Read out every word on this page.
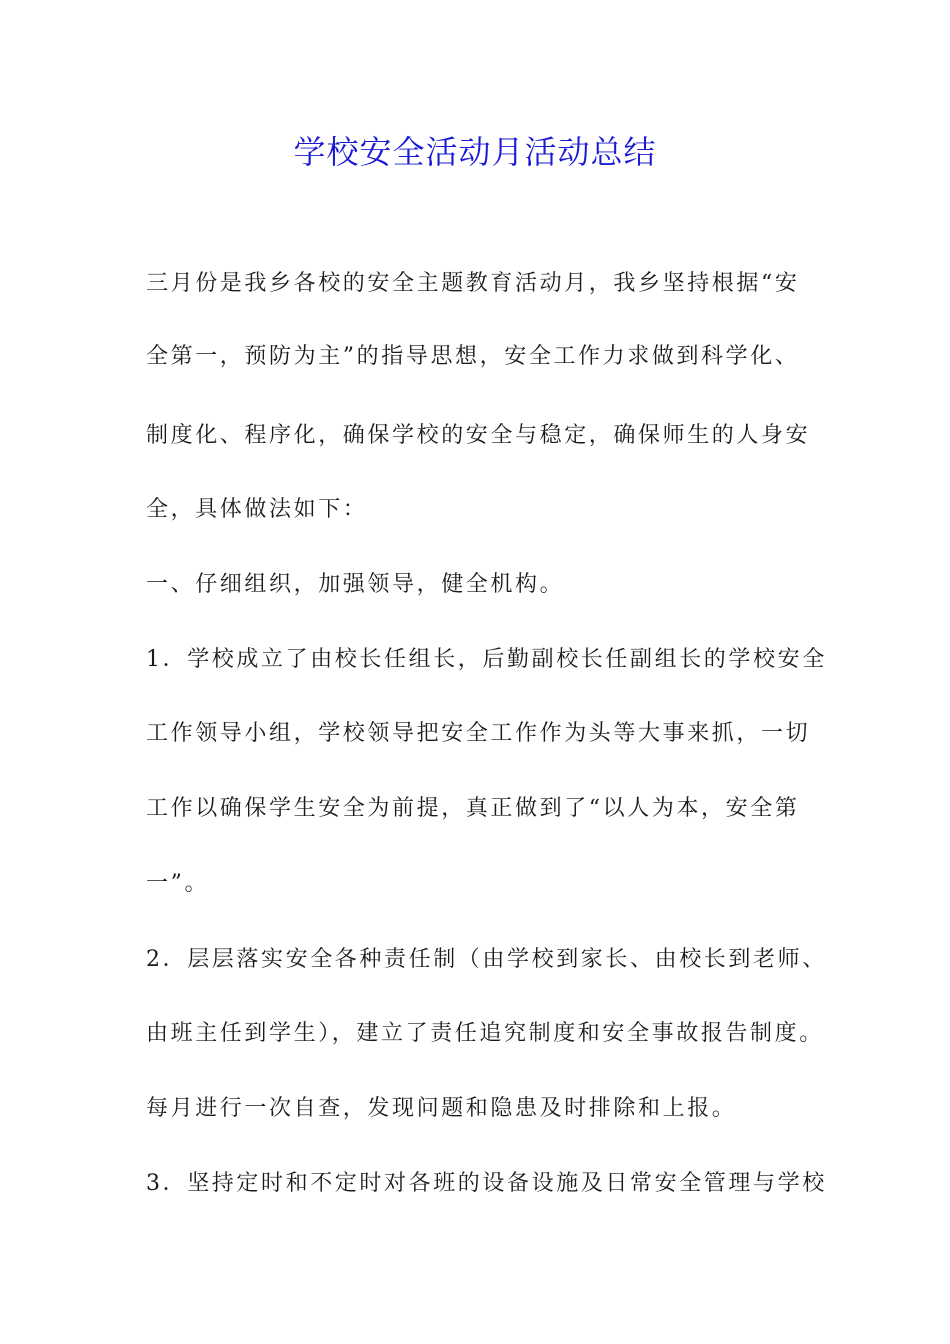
学校安全活动月活动总结
三月份是我乡各校的安全主题教育活动月，我乡坚持根据“安
全第一，预防为主”的指导思想，安全工作力求做到科学化、
制度化、程序化，确保学校的安全与稳定，确保师生的人身安
全，具体做法如下：
一、仔细组织，加强领导，健全机构。
1．学校成立了由校长任组长，后勤副校长任副组长的学校安全
工作领导小组，学校领导把安全工作作为头等大事来抓，一切
工作以确保学生安全为前提，真正做到了“以人为本，安全第
一”。
2．层层落实安全各种责任制（由学校到家长、由校长到老师、
由班主任到学生），建立了责任追究制度和安全事故报告制度。
每月进行一次自查，发现问题和隐患及时排除和上报。
3．坚持定时和不定时对各班的设备设施及日常安全管理与学校
